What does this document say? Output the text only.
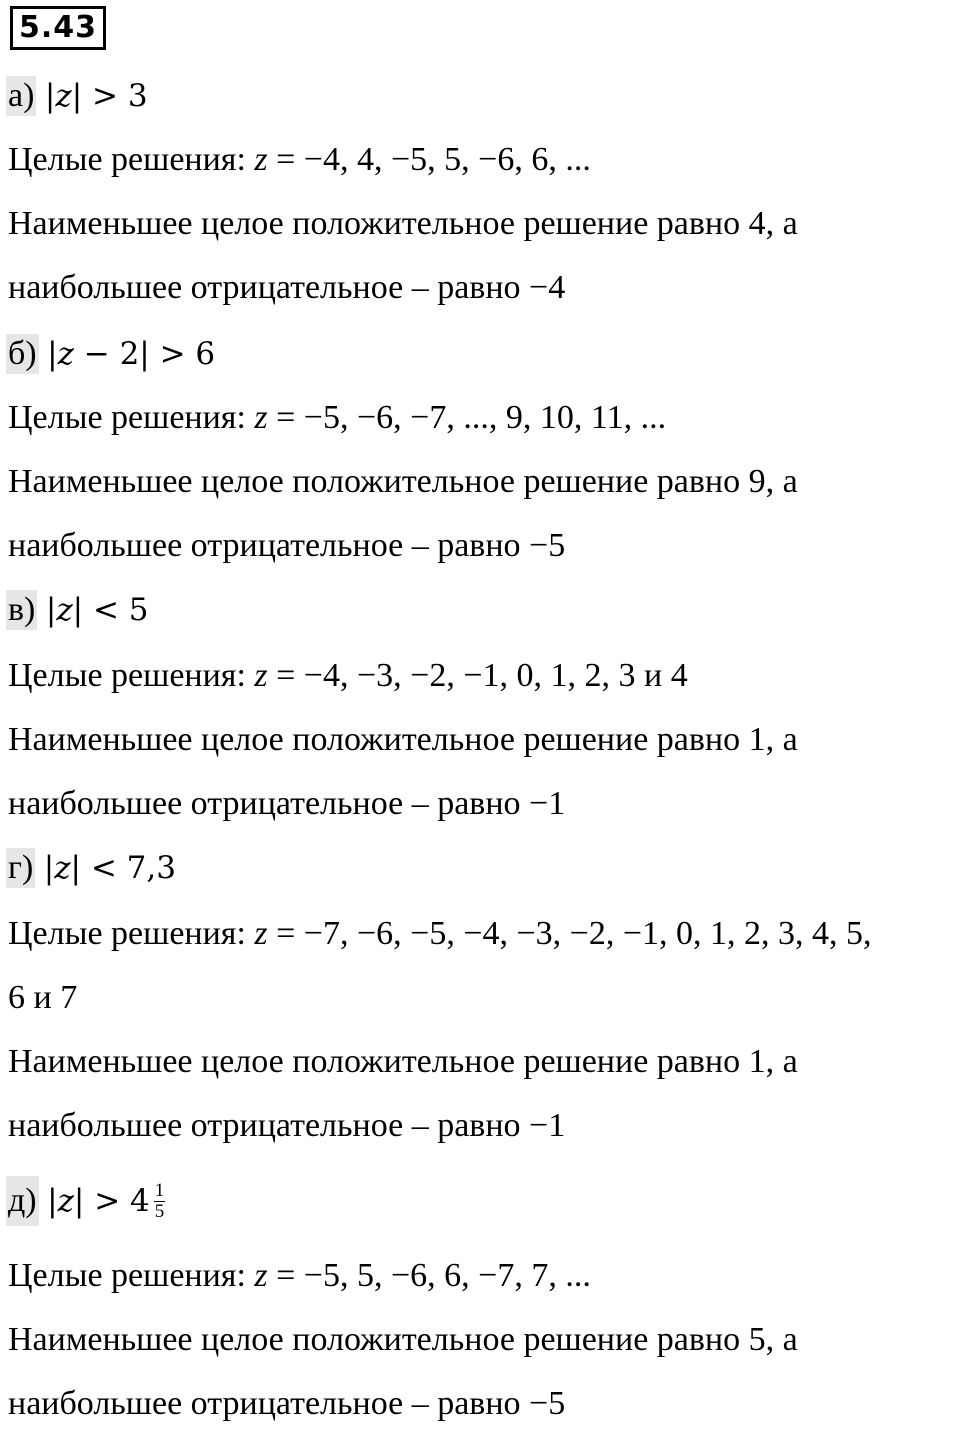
5.43
а) |𝑧| > 3
Целые решения: z = −4, 4, −5, 5, −6, 6, ...
Наименьшее целое положительное решение равно 4, а
наибольшее отрицательное – равно −4
б) |𝑧 − 2| > 6
Целые решения: z = −5, −6, −7, ..., 9, 10, 11, ...
Наименьшее целое положительное решение равно 9, а
наибольшее отрицательное – равно −5
в) |𝑧| < 5
Целые решения: z = −4, −3, −2, −1, 0, 1, 2, 3 и 4
Наименьшее целое положительное решение равно 1, а
наибольшее отрицательное – равно −1
г) |𝑧| < 7,3
Целые решения: z = −7, −6, −5, −4, −3, −2, −1, 0, 1, 2, 3, 4, 5,
6 и 7
Наименьшее целое положительное решение равно 1, а
наибольшее отрицательное – равно −1
д) |𝑧| > $4 \frac{1}{5}$
Целые решения: z = −5, 5, −6, 6, −7, 7, ...
Наименьшее целое положительное решение равно 5, а
наибольшее отрицательное – равно −5
